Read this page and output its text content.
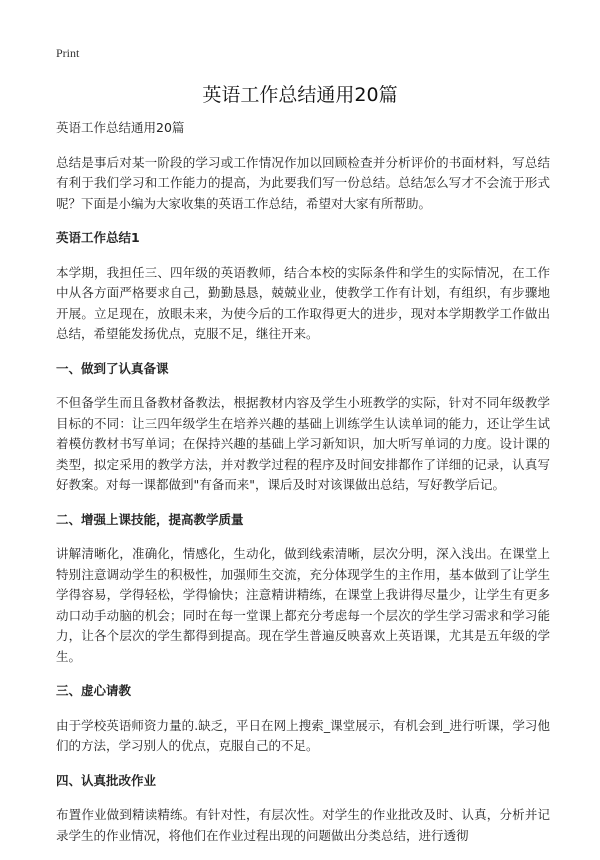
Print
英语工作总结通用20篇
英语工作总结通用20篇
总结是事后对某一阶段的学习或工作情况作加以回顾检查并分析评价的书面材料，写总结有利于我们学习和工作能力的提高，为此要我们写一份总结。总结怎么写才不会流于形式呢？下面是小编为大家收集的英语工作总结，希望对大家有所帮助。
英语工作总结1
本学期，我担任三、四年级的英语教师，结合本校的实际条件和学生的实际情况，在工作中从各方面严格要求自己，勤勤恳恳，兢兢业业，使教学工作有计划，有组织，有步骤地开展。立足现在，放眼未来，为使今后的工作取得更大的进步，现对本学期教学工作做出总结，希望能发扬优点，克服不足，继往开来。
一、做到了认真备课
不但备学生而且备教材备教法，根据教材内容及学生小班教学的实际，针对不同年级教学目标的不同：让三四年级学生在培养兴趣的基础上训练学生认读单词的能力，还让学生试着模仿教材书写单词；在保持兴趣的基础上学习新知识，加大听写单词的力度。设计课的类型，拟定采用的教学方法，并对教学过程的程序及时间安排都作了详细的记录，认真写好教案。对每一课都做到"有备而来"，课后及时对该课做出总结，写好教学后记。
二、增强上课技能，提高教学质量
讲解清晰化，准确化，情感化，生动化，做到线索清晰，层次分明，深入浅出。在课堂上特别注意调动学生的积极性，加强师生交流，充分体现学生的主作用，基本做到了让学生学得容易，学得轻松，学得愉快；注意精讲精练，在课堂上我讲得尽量少，让学生有更多动口动手动脑的机会；同时在每一堂课上都充分考虑每一个层次的学生学习需求和学习能力，让各个层次的学生都得到提高。现在学生普遍反映喜欢上英语课，尤其是五年级的学生。
三、虚心请教
由于学校英语师资力量的.缺乏，平日在网上搜索_课堂展示，有机会到_进行听课，学习他们的方法，学习别人的优点，克服自己的不足。
四、认真批改作业
布置作业做到精读精练。有针对性，有层次性。对学生的作业批改及时、认真，分析并记录学生的作业情况，将他们在作业过程出现的问题做出分类总结，进行透彻
